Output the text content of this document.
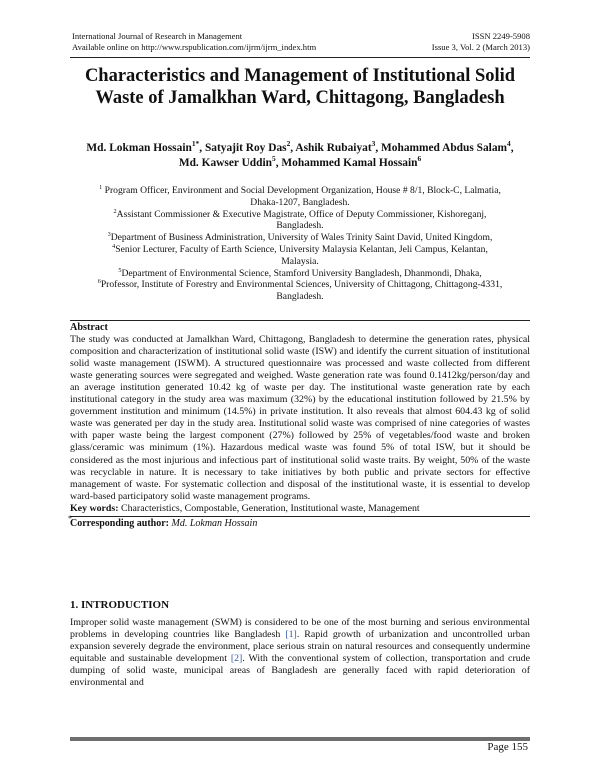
International Journal of Research in Management	ISSN 2249-5908
Available online on http://www.rspublication.com/ijrm/ijrm_index.htm	Issue 3, Vol. 2 (March 2013)
Characteristics and Management of Institutional Solid
Waste of Jamalkhan Ward, Chittagong, Bangladesh
Md. Lokman Hossain$^{1*}$, Satyajit Roy Das$^2$, Ashik Rubaiyat$^3$, Mohammed Abdus Salam$^4$,
Md. Kawser Uddin$^5$, Mohammed Kamal Hossain$^6$
$^1$ Program Officer, Environment and Social Development Organization, House # 8/1, Block-C, Lalmatia,
Dhaka-1207, Bangladesh.
$^2$Assistant Commissioner & Executive Magistrate, Office of Deputy Commissioner, Kishoreganj,
Bangladesh.
$^3$Department of Business Administration, University of Wales Trinity Saint David, United Kingdom,
$^4$Senior Lecturer, Faculty of Earth Science, University Malaysia Kelantan, Jeli Campus, Kelantan,
Malaysia.
$^5$Department of Environmental Science, Stamford University Bangladesh, Dhanmondi, Dhaka,
$^6$Professor, Institute of Forestry and Environmental Sciences, University of Chittagong, Chittagong-4331,
Bangladesh.
Abstract
The study was conducted at Jamalkhan Ward, Chittagong, Bangladesh to determine the generation rates, physical composition and characterization of institutional solid waste (ISW) and identify the current situation of institutional solid waste management (ISWM). A structured questionnaire was processed and waste collected from different waste generating sources were segregated and weighed. Waste generation rate was found 0.1412kg/person/day and an average institution generated 10.42 kg of waste per day. The institutional waste generation rate by each institutional category in the study area was maximum (32%) by the educational institution followed by 21.5% by government institution and minimum (14.5%) in private institution. It also reveals that almost 604.43 kg of solid waste was generated per day in the study area. Institutional solid waste was comprised of nine categories of wastes with paper waste being the largest component (27%) followed by 25% of vegetables/food waste and broken glass/ceramic was minimum (1%). Hazardous medical waste was found 5% of total ISW, but it should be considered as the most injurious and infectious part of institutional solid waste traits. By weight, 50% of the waste was recyclable in nature. It is necessary to take initiatives by both public and private sectors for effective management of waste. For systematic collection and disposal of the institutional waste, it is essential to develop ward-based participatory solid waste management programs.
Key words: Characteristics, Compostable, Generation, Institutional waste, Management
*
Corresponding author: Md. Lokman Hossain
1. INTRODUCTION
Improper solid waste management (SWM) is considered to be one of the most burning and serious environmental problems in developing countries like Bangladesh [1]. Rapid growth of urbanization and uncontrolled urban expansion severely degrade the environment, place serious strain on natural resources and consequently undermine equitable and sustainable development [2]. With the conventional system of collection, transportation and crude dumping of solid waste, municipal areas of Bangladesh are generally faced with rapid deterioration of environmental and
Page 155
